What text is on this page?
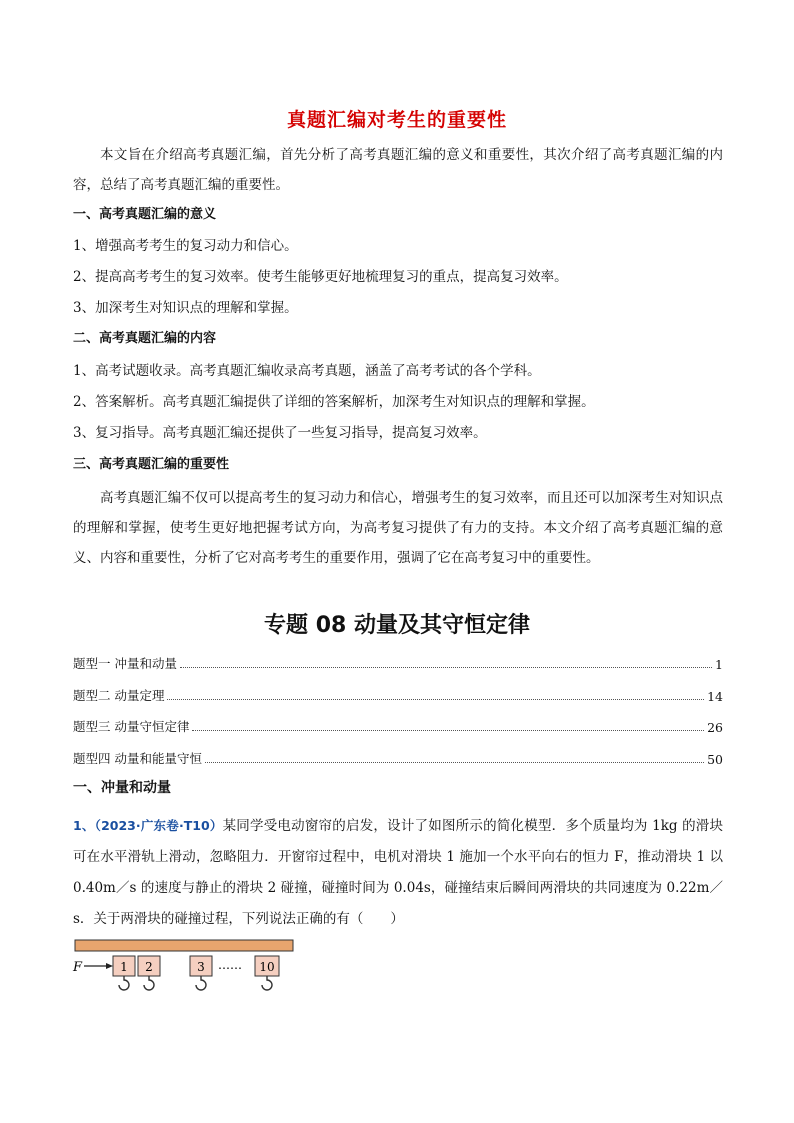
真题汇编对考生的重要性
本文旨在介绍高考真题汇编，首先分析了高考真题汇编的意义和重要性，其次介绍了高考真题汇编的内容，总结了高考真题汇编的重要性。
一、高考真题汇编的意义
1、增强高考考生的复习动力和信心。
2、提高高考考生的复习效率。使考生能够更好地梳理复习的重点，提高复习效率。
3、加深考生对知识点的理解和掌握。
二、高考真题汇编的内容
1、高考试题收录。高考真题汇编收录高考真题，涵盖了高考考试的各个学科。
2、答案解析。高考真题汇编提供了详细的答案解析，加深考生对知识点的理解和掌握。
3、复习指导。高考真题汇编还提供了一些复习指导，提高复习效率。
三、高考真题汇编的重要性
高考真题汇编不仅可以提高考生的复习动力和信心，增强考生的复习效率，而且还可以加深考生对知识点的理解和掌握，使考生更好地把握考试方向，为高考复习提供了有力的支持。本文介绍了高考真题汇编的意义、内容和重要性，分析了它对高考考生的重要作用，强调了它在高考复习中的重要性。
专题 08 动量及其守恒定律
题型一 冲量和动量	1
题型二 动量定理	14
题型三 动量守恒定律	26
题型四 动量和能量守恒	50
一、冲量和动量
1、（2023·广东卷·T10）某同学受电动窗帘的启发，设计了如图所示的简化模型．多个质量均为 1kg 的滑块可在水平滑轨上滑动，忽略阻力．开窗帘过程中，电机对滑块 1 施加一个水平向右的恒力 F，推动滑块 1 以 0.40m／s 的速度与静止的滑块 2 碰撞，碰撞时间为 0.04s，碰撞结束后瞬间两滑块的共同速度为 0.22m／s．关于两滑块的碰撞过程，下列说法正确的有（　　）
F	1 2	3 …… 10
